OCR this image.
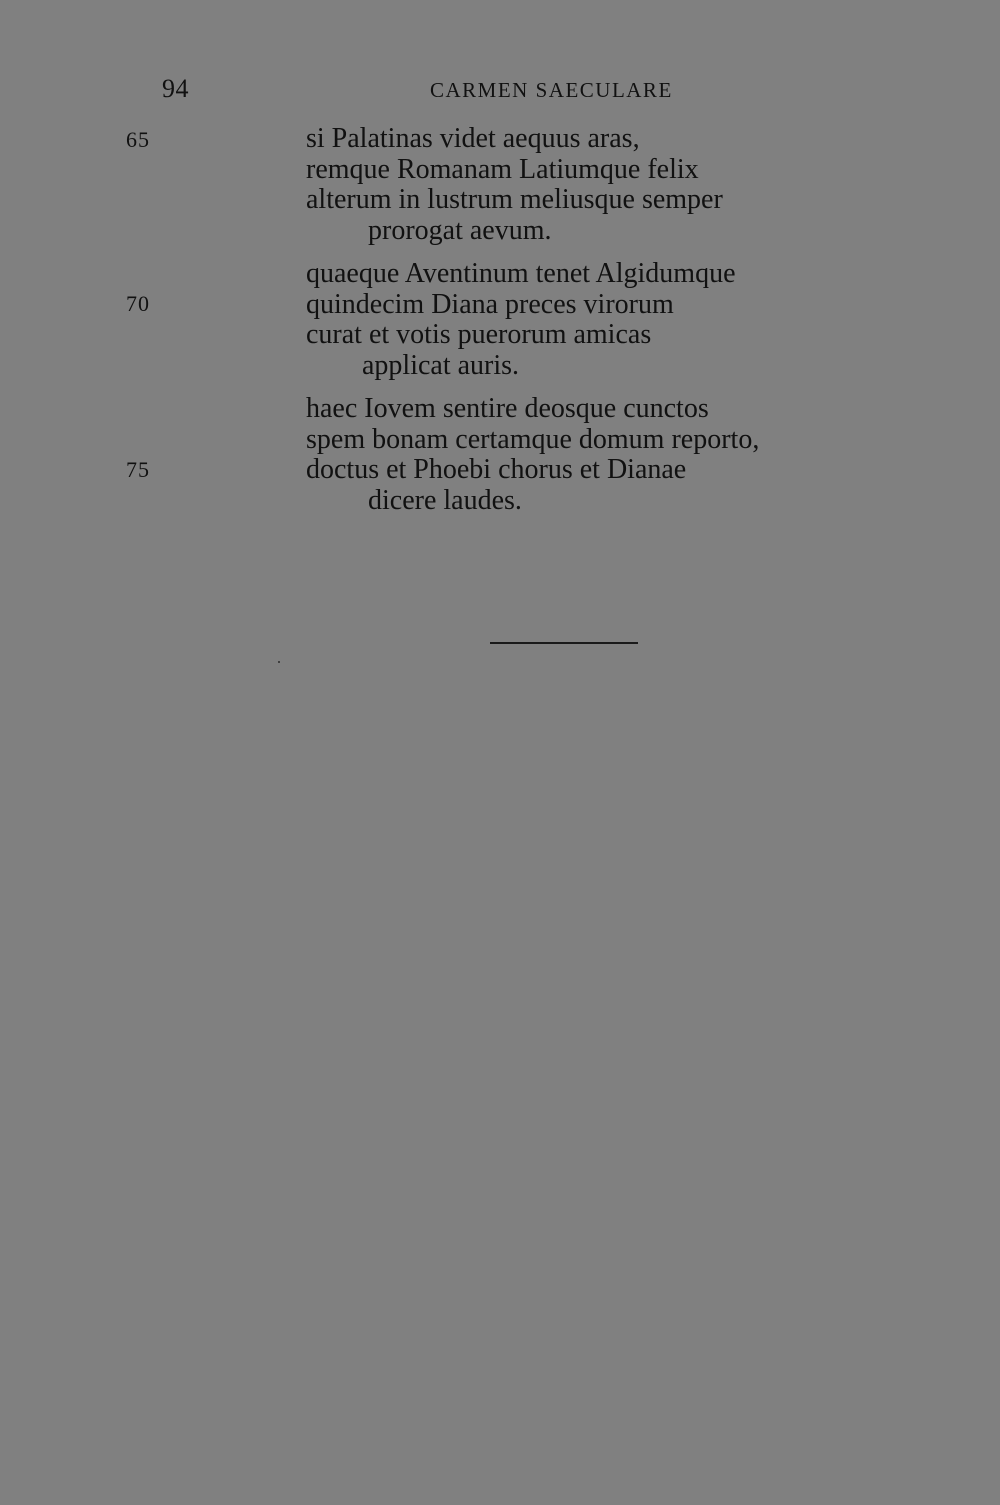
94	CARMEN SAECULARE
65
70
75
si Palatinas videt aequus aras,
remque Romanam Latiumque felix
alterum in lustrum meliusque semper
prorogat aevum.
quaeque Aventinum tenet Algidumque
quindecim Diana preces virorum
curat et votis puerorum amicas
applicat auris.
haec Iovem sentire deosque cunctos
spem bonam certamque domum reporto,
doctus et Phoebi chorus et Dianae
dicere laudes.
